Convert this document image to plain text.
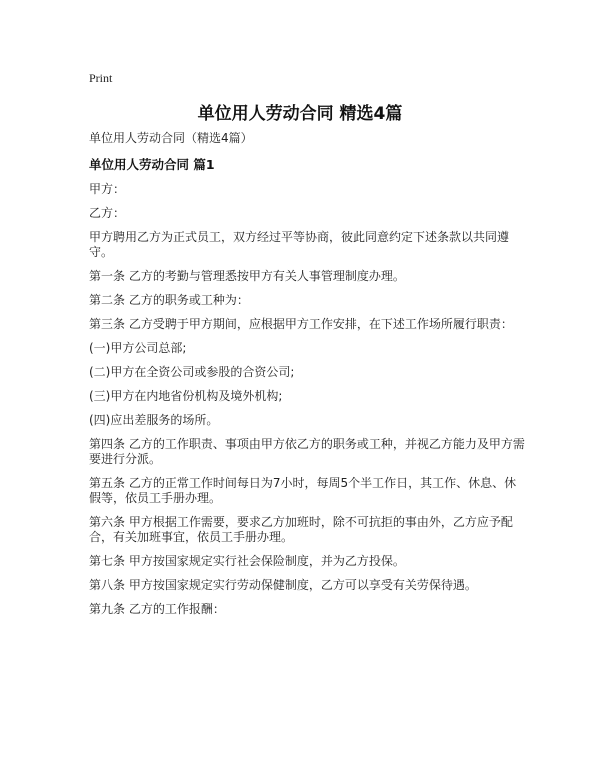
Print
单位用人劳动合同 精选4篇

单位用人劳动合同（精选4篇）

单位用人劳动合同 篇1

甲方：

乙方：

甲方聘用乙方为正式员工，双方经过平等协商，彼此同意约定下述条款以共同遵守。

第一条 乙方的考勤与管理悉按甲方有关人事管理制度办理。

第二条 乙方的职务或工种为：

第三条 乙方受聘于甲方期间，应根据甲方工作安排，在下述工作场所履行职责：

(一)甲方公司总部;

(二)甲方在全资公司或参股的合资公司;

(三)甲方在内地省份机构及境外机构;

(四)应出差服务的场所。

第四条 乙方的工作职责、事项由甲方依乙方的职务或工种，并视乙方能力及甲方需要进行分派。

第五条 乙方的正常工作时间每日为7小时，每周5个半工作日，其工作、休息、休假等，依员工手册办理。

第六条 甲方根据工作需要，要求乙方加班时，除不可抗拒的事由外，乙方应予配合，有关加班事宜，依员工手册办理。

第七条 甲方按国家规定实行社会保险制度，并为乙方投保。

第八条 甲方按国家规定实行劳动保健制度，乙方可以享受有关劳保待遇。

第九条 乙方的工作报酬：
